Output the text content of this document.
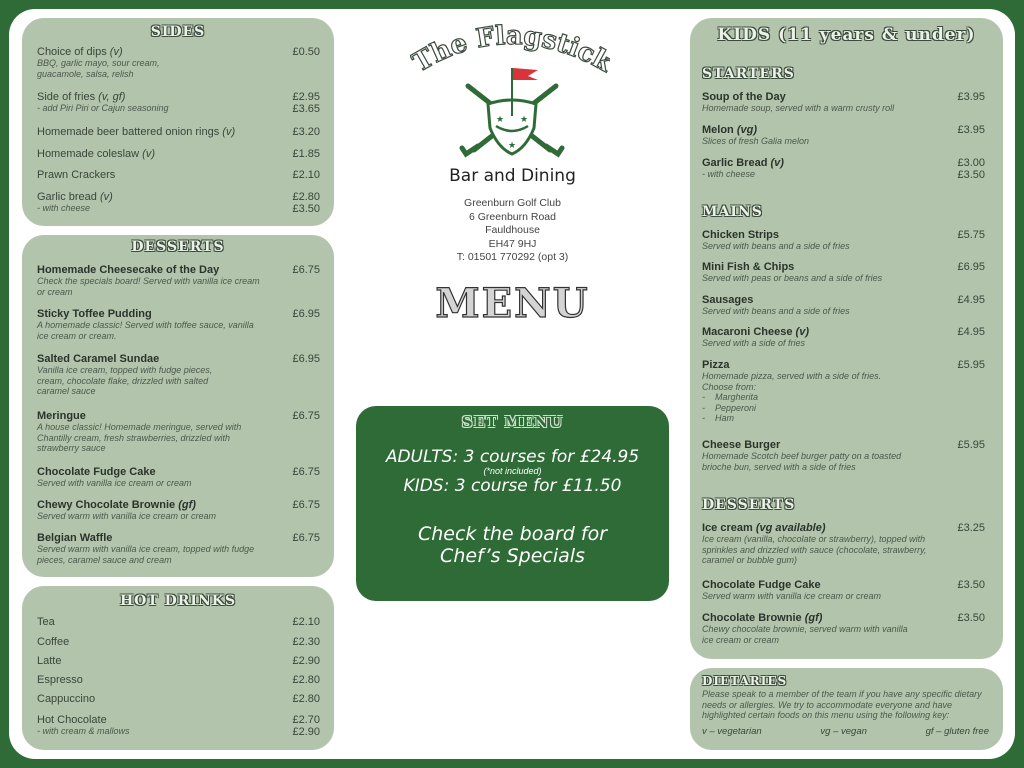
SIDES
Choice of dips (v)	£0.50
BBQ, garlic mayo, sour cream, guacamole, salsa, relish
Side of fries (v, gf)	£2.95
- add Piri Piri or Cajun seasoning	£3.65
Homemade beer battered onion rings (v)	£3.20
Homemade coleslaw (v)	£1.85
Prawn Crackers	£2.10
Garlic bread (v)	£2.80
- with cheese	£3.50
DESSERTS
Homemade Cheesecake of the Day	£6.75
Check the specials board! Served with vanilla ice cream or cream
Sticky Toffee Pudding	£6.95
A homemade classic! Served with toffee sauce, vanilla ice cream or cream.
Salted Caramel Sundae	£6.95
Vanilla ice cream, topped with fudge pieces, cream, chocolate flake, drizzled with salted caramel sauce
Meringue	£6.75
A house classic! Homemade meringue, served with Chantilly cream, fresh strawberries, drizzled with strawberry sauce
Chocolate Fudge Cake	£6.75
Served with vanilla ice cream or cream
Chewy Chocolate Brownie (gf)	£6.75
Served warm with vanilla ice cream or cream
Belgian Waffle	£6.75
Served warm with vanilla ice cream, topped with fudge pieces, caramel sauce and cream
HOT DRINKS
Tea	£2.10
Coffee	£2.30
Latte	£2.90
Espresso	£2.80
Cappuccino	£2.80
Hot Chocolate	£2.70
- with cream & mallows	£2.90
The Flagstic
★ ★
★
Bar and Dining
Greenburn Golf Club
6 Greenburn Road
Fauldhouse
EH47 9HJ
T: 01501 770292 (opt 3)
MENU
SET MENU
ADULTS: 3 courses for £24.95
(*not included)
KIDS: 3 course for £11.50
Check the board for
Chef’s Specials
KIDS (11 years & under)
STARTERS
Soup of the Day	£3.95
Homemade soup, served with a warm crusty roll
Melon (vg)	£3.95
Slices of fresh Galia melon
Garlic Bread (v)	£3.00
- with cheese	£3.50
MAINS
Chicken Strips	£5.75
Served with beans and a side of fries
Mini Fish & Chips	£6.95
Served with peas or beans and a side of fries
Sausages	£4.95
Served with beans and a side of fries
Macaroni Cheese (v)	£4.95
Served with a side of fries
Pizza	£5.95
Homemade pizza, served with a side of fries.
Choose from:
-    Margherita
-    Pepperoni
-    Ham
Cheese Burger	£5.95
Homemade Scotch beef burger patty on a toasted brioche bun, served with a side of fries
DESSERTS
Ice cream (vg available)	£3.25
Ice cream (vanilla, chocolate or strawberry), topped with sprinkles and drizzled with sauce (chocolate, strawberry, caramel or bubble gum)
Chocolate Fudge Cake	£3.50
Served warm with vanilla ice cream or cream
Chocolate Brownie (gf)	£3.50
Chewy chocolate brownie, served warm with vanilla ice cream or cream
DIETARIES
Please speak to a member of the team if you have any specific dietary needs or allergies. We try to accommodate everyone and have highlighted certain foods on this menu using the following key:
v – vegetarian	vg – vegan	gf – gluten free
